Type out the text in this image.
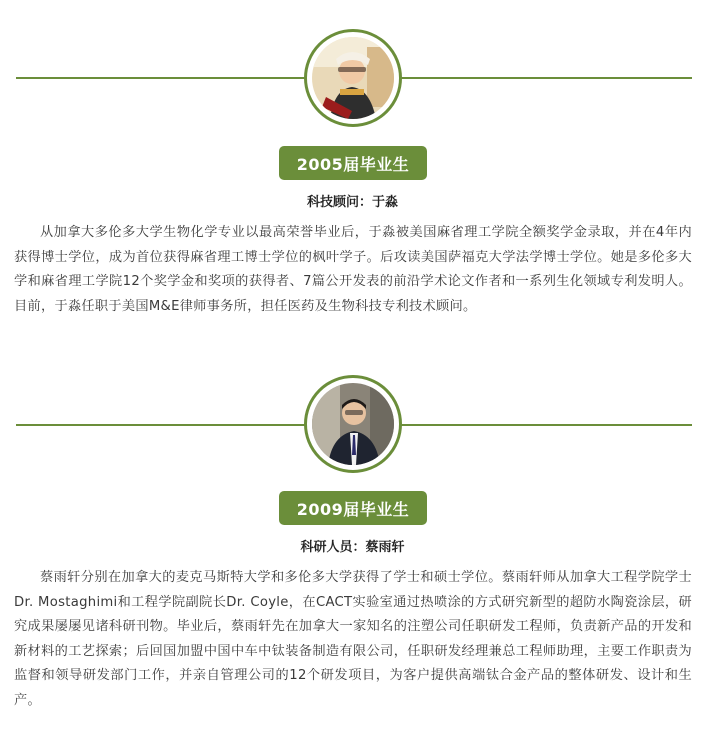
2005届毕业生
科技顾问：于淼

从加拿大多伦多大学生物化学专业以最高荣誉毕业后，于淼被美国麻省理工学院全额奖学金录取，并在4年内获得博士学位，成为首位获得麻省理工博士学位的枫叶学子。后攻读美国萨福克大学法学博士学位。她是多伦多大学和麻省理工学院12个奖学金和奖项的获得者、7篇公开发表的前沿学术论文作者和一系列生化领域专利发明人。目前，于淼任职于美国M&E律师事务所，担任医药及生物科技专利技术顾问。

2009届毕业生
科研人员：蔡雨轩

蔡雨轩分别在加拿大的麦克马斯特大学和多伦多大学获得了学士和硕士学位。蔡雨轩师从加拿大工程学院学士Dr. Mostaghimi和工程学院副院长Dr. Coyle，在CACT实验室通过热喷涂的方式研究新型的超防水陶瓷涂层，研究成果屡屡见诸科研刊物。毕业后，蔡雨轩先在加拿大一家知名的注塑公司任职研发工程师，负责新产品的开发和新材料的工艺探索；后回国加盟中国中车中钛装备制造有限公司，任职研发经理兼总工程师助理，主要工作职责为监督和领导研发部门工作，并亲自管理公司的12个研发项目，为客户提供高端钛合金产品的整体研发、设计和生产。
